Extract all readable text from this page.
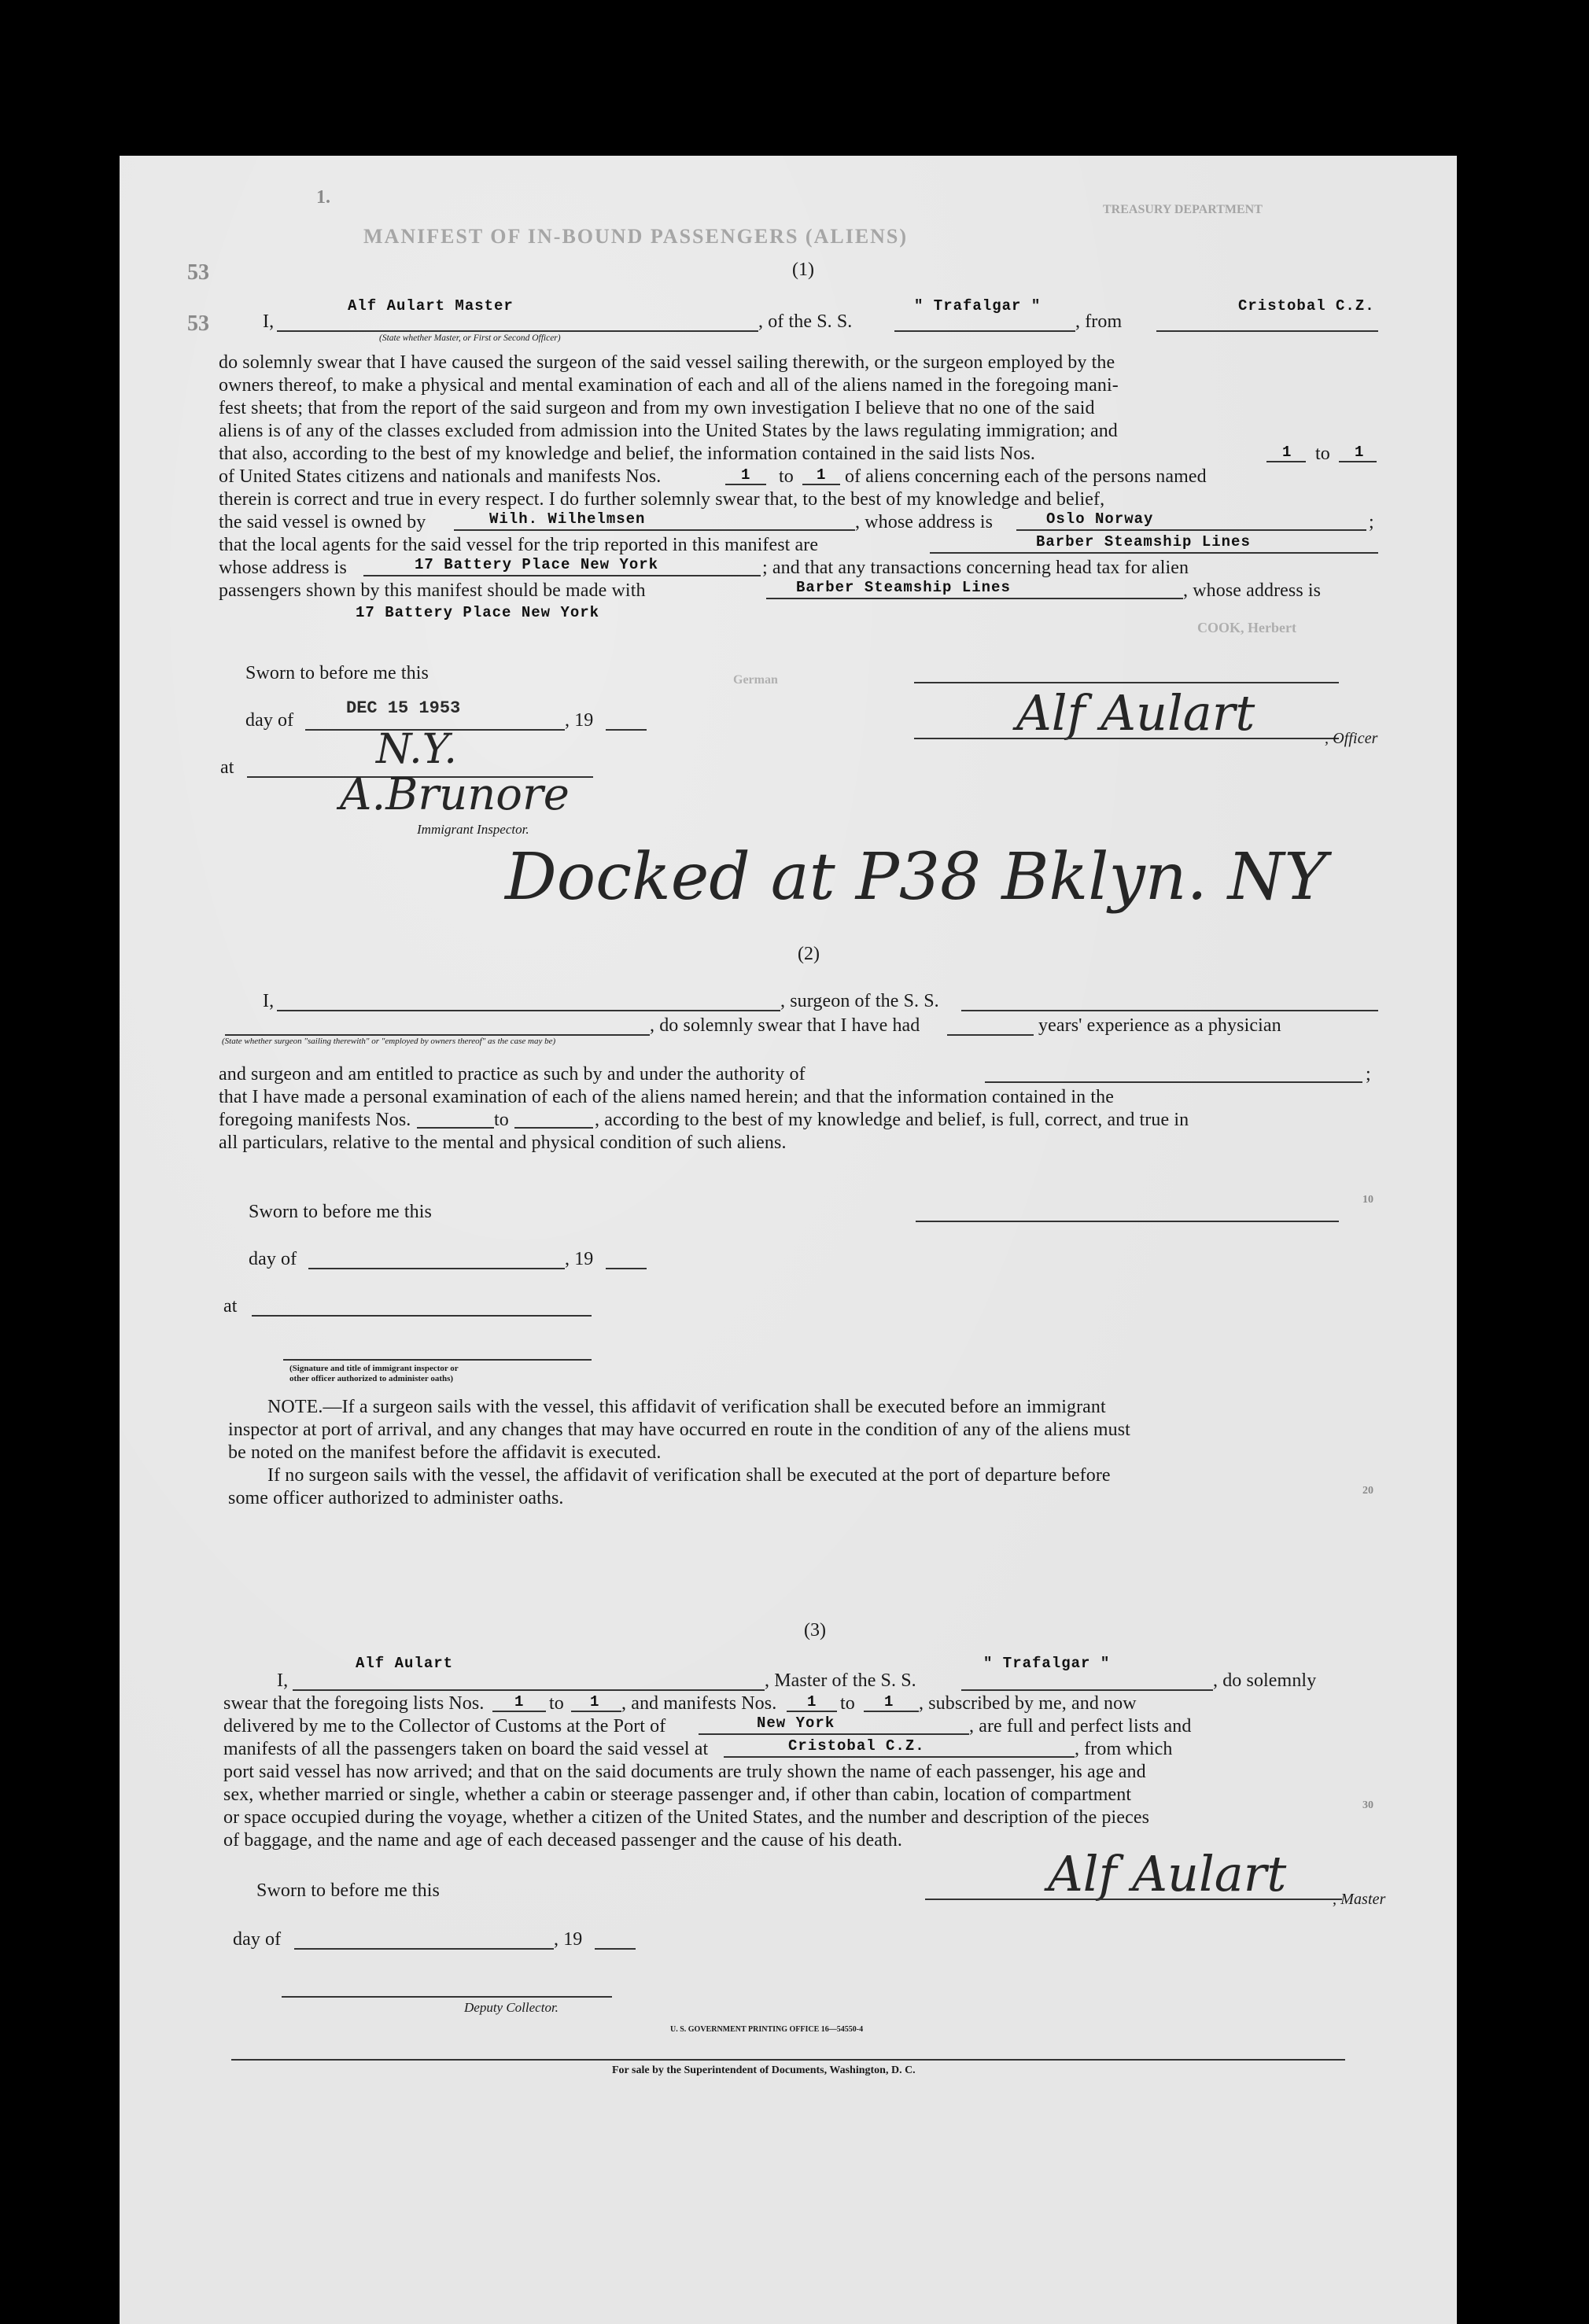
1.
MANIFEST OF IN-BOUND PASSENGERS (ALIENS)
TREASURY DEPARTMENT
53
53
COOK, Herbert
German
(1)
I,
Alf Aulart Master
, of the S. S.
" Trafalgar "
, from
Cristobal C.Z.
(State whether Master, or First or Second Officer)
do solemnly swear that I have caused the surgeon of the said vessel sailing therewith, or the surgeon employed by the
owners thereof, to make a physical and mental examination of each and all of the aliens named in the foregoing mani-
fest sheets; that from the report of the said surgeon and from my own investigation I believe that no one of the said
aliens is of any of the classes excluded from admission into the United States by the laws regulating immigration; and
that also, according to the best of my knowledge and belief, the information contained in the said lists Nos.	1 to 1
of United States citizens and nationals and manifests Nos.	1 to 1 of aliens concerning each of the persons named
therein is correct and true in every respect. I do further solemnly swear that, to the best of my knowledge and belief,
the said vessel is owned by	Wilh. Wilhelmsen	, whose address is	Oslo Norway	;
that the local agents for the said vessel for the trip reported in this manifest are	Barber Steamship Lines
whose address is	17 Battery Place New York	; and that any transactions concerning head tax for alien
passengers shown by this manifest should be made with	Barber Steamship Lines	, whose address is
17 Battery Place New York
Sworn to before me this
day of	, 19
DEC 15 1953
at	N.Y.
A.Brunore
Immigrant Inspector.
Alf Aulart	, Officer
Docked at P38 Bklyn. NY
(2)
I,	, surgeon of the S. S.
, do solemnly swear that I have had	years' experience as a physician
(State whether surgeon "sailing therewith" or "employed by owners thereof" as the case may be)
and surgeon and am entitled to practice as such by and under the authority of	;
that I have made a personal examination of each of the aliens named herein; and that the information contained in the
foregoing manifests Nos.	to	, according to the best of my knowledge and belief, is full, correct, and true in
all particulars, relative to the mental and physical condition of such aliens.
Sworn to before me this
day of	, 19
at
(Signature and title of immigrant inspector or
other officer authorized to administer oaths)
NOTE.—If a surgeon sails with the vessel, this affidavit of verification shall be executed before an immigrant
inspector at port of arrival, and any changes that may have occurred en route in the condition of any of the aliens must
be noted on the manifest before the affidavit is executed.
If no surgeon sails with the vessel, the affidavit of verification shall be executed at the port of departure before
some officer authorized to administer oaths.
(3)
I,
Alf Aulart
, Master of the S. S.
" Trafalgar "
, do solemnly
swear that the foregoing lists Nos. 1 to 1 , and manifests Nos. 1 to 1 , subscribed by me, and now
delivered by me to the Collector of Customs at the Port of	New York	, are full and perfect lists and
manifests of all the passengers taken on board the said vessel at	Cristobal C.Z.	, from which
port said vessel has now arrived; and that on the said documents are truly shown the name of each passenger, his age and
sex, whether married or single, whether a cabin or steerage passenger and, if other than cabin, location of compartment
or space occupied during the voyage, whether a citizen of the United States, and the number and description of the pieces
of baggage, and the name and age of each deceased passenger and the cause of his death.
Sworn to before me this	Alf Aulart	, Master
day of	, 19
Deputy Collector.
U. S. GOVERNMENT PRINTING OFFICE 16—54550-4
For sale by the Superintendent of Documents, Washington, D. C.
10
20
30
